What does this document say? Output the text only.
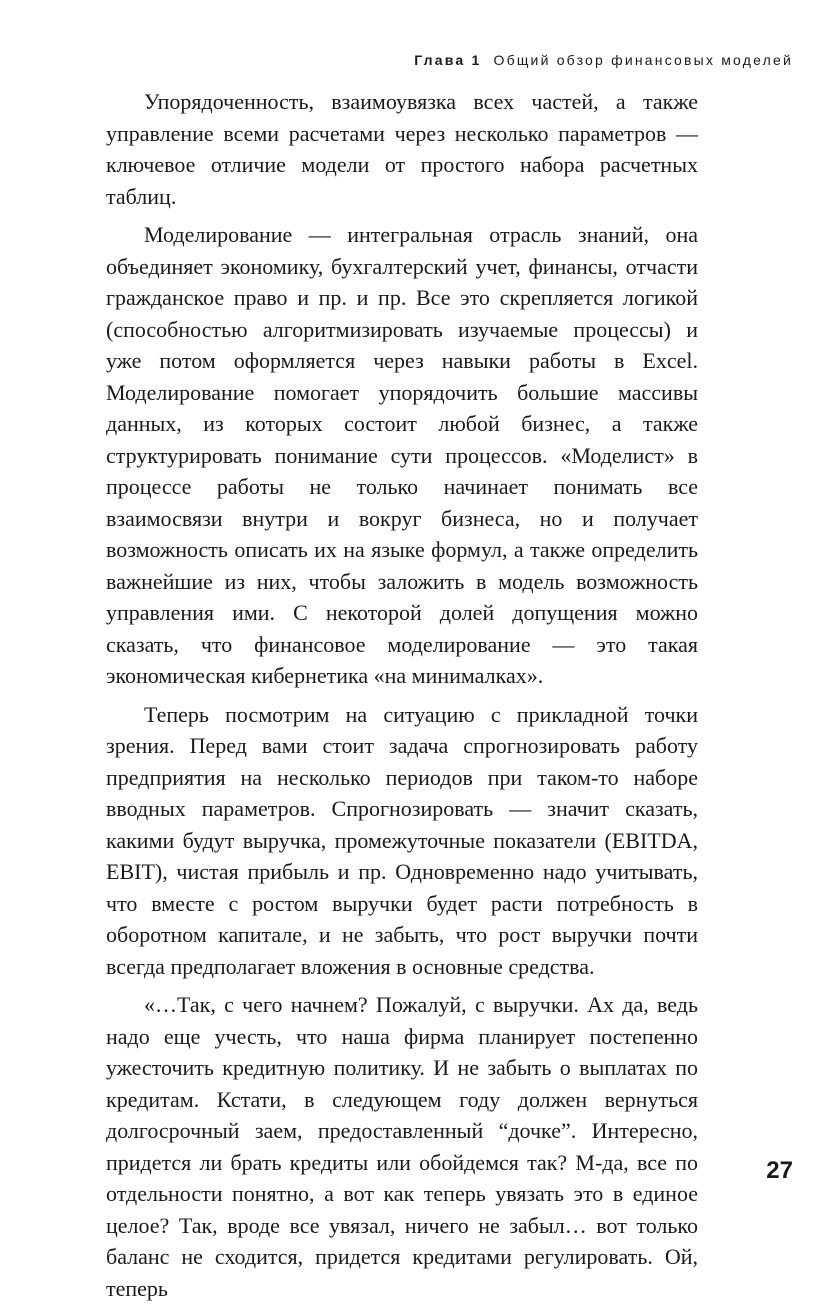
Глава 1 Общий обзор финансовых моделей

Упорядоченность, взаимоувязка всех частей, а также управление всеми расчетами через несколько параметров — ключевое отличие модели от простого набора расчетных таблиц.

Моделирование — интегральная отрасль знаний, она объединяет экономику, бухгалтерский учет, финансы, отчасти гражданское право и пр. и пр. Все это скрепляется логикой (способностью алгоритмизировать изучаемые процессы) и уже потом оформляется через навыки работы в Excel. Моделирование помогает упорядочить большие массивы данных, из которых состоит любой бизнес, а также структурировать понимание сути процессов. «Моделист» в процессе работы не только начинает понимать все взаимосвязи внутри и вокруг бизнеса, но и получает возможность описать их на языке формул, а также определить важнейшие из них, чтобы заложить в модель возможность управления ими. С некоторой долей допущения можно сказать, что финансовое моделирование — это такая экономическая кибернетика «на минималках».

Теперь посмотрим на ситуацию с прикладной точки зрения. Перед вами стоит задача спрогнозировать работу предприятия на несколько периодов при таком-то наборе вводных параметров. Спрогнозировать — значит сказать, какими будут выручка, промежуточные показатели (EBITDA, EBIT), чистая прибыль и пр. Одновременно надо учитывать, что вместе с ростом выручки будет расти потребность в оборотном капитале, и не забыть, что рост выручки почти всегда предполагает вложения в основные средства.

«…Так, с чего начнем? Пожалуй, с выручки. Ах да, ведь надо еще учесть, что наша фирма планирует постепенно ужесточить кредитную политику. И не забыть о выплатах по кредитам. Кстати, в следующем году должен вернуться долгосрочный заем, предоставленный “дочке”. Интересно, придется ли брать кредиты или обойдемся так? М-да, все по отдельности понятно, а вот как теперь увязать это в единое целое? Так, вроде все увязал, ничего не забыл… вот только баланс не сходится, придется кредитами регулировать. Ой, теперь

27
